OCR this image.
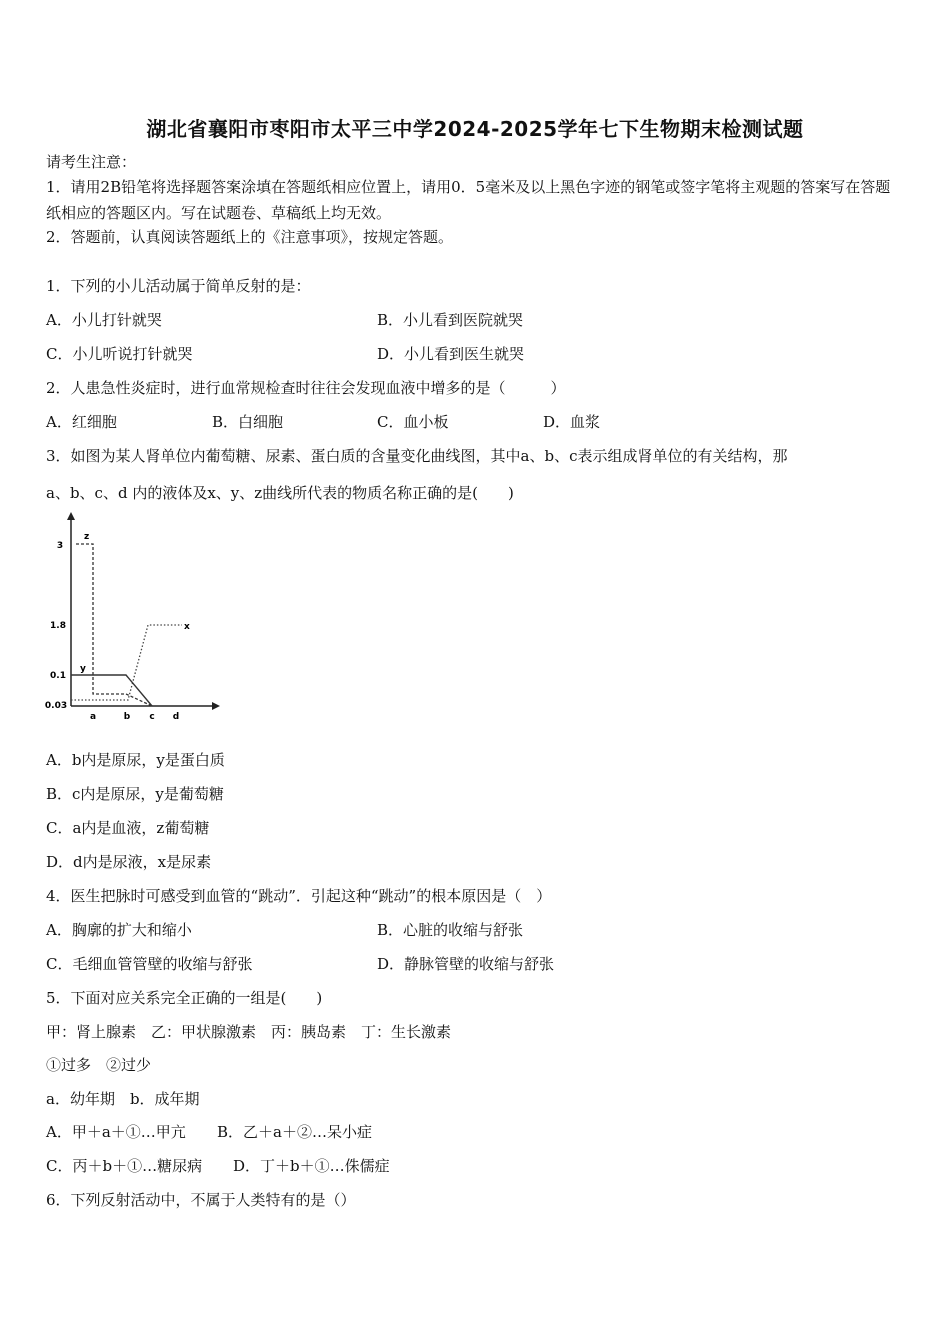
湖北省襄阳市枣阳市太平三中学2024-2025学年七下生物期末检测试题
请考生注意：
1．请用2B铅笔将选择题答案涂填在答题纸相应位置上，请用0．5毫米及以上黑色字迹的钢笔或签字笔将主观题的答案写在答题纸相应的答题区内。写在试题卷、草稿纸上均无效。
2．答题前，认真阅读答题纸上的《注意事项》，按规定答题。
1．下列的小儿活动属于简单反射的是：
A．小儿打针就哭	B．小儿看到医院就哭
C．小儿听说打针就哭	D．小儿看到医生就哭
2．人患急性炎症时，进行血常规检查时往往会发现血液中增多的是（　　　）
A．红细胞	B．白细胞	C．血小板	D．血浆
3．如图为某人肾单位内葡萄糖、尿素、蛋白质的含量变化曲线图，其中a、b、c表示组成肾单位的有关结构，那
a、b、c、d 内的液体及x、y、z曲线所代表的物质名称正确的是(　　)
3
1.8
0.1
0.03
a	b c d
z
x
y
A．b内是原尿，y是蛋白质
B．c内是原尿，y是葡萄糖
C．a内是血液，z葡萄糖
D．d内是尿液，x是尿素
4．医生把脉时可感受到血管的“跳动”．引起这种“跳动”的根本原因是（　）
A．胸廓的扩大和缩小	B．心脏的收缩与舒张
C．毛细血管管壁的收缩与舒张	D．静脉管壁的收缩与舒张
5．下面对应关系完全正确的一组是(　　)
甲：肾上腺素　乙：甲状腺激素　丙：胰岛素　丁：生长激素
①过多　②过少
a．幼年期　b．成年期
A．甲＋a＋①…甲亢 B．乙＋a＋②…呆小症
C．丙＋b＋①…糖尿病 D．丁＋b＋①…侏儒症
6．下列反射活动中，不属于人类特有的是（）
